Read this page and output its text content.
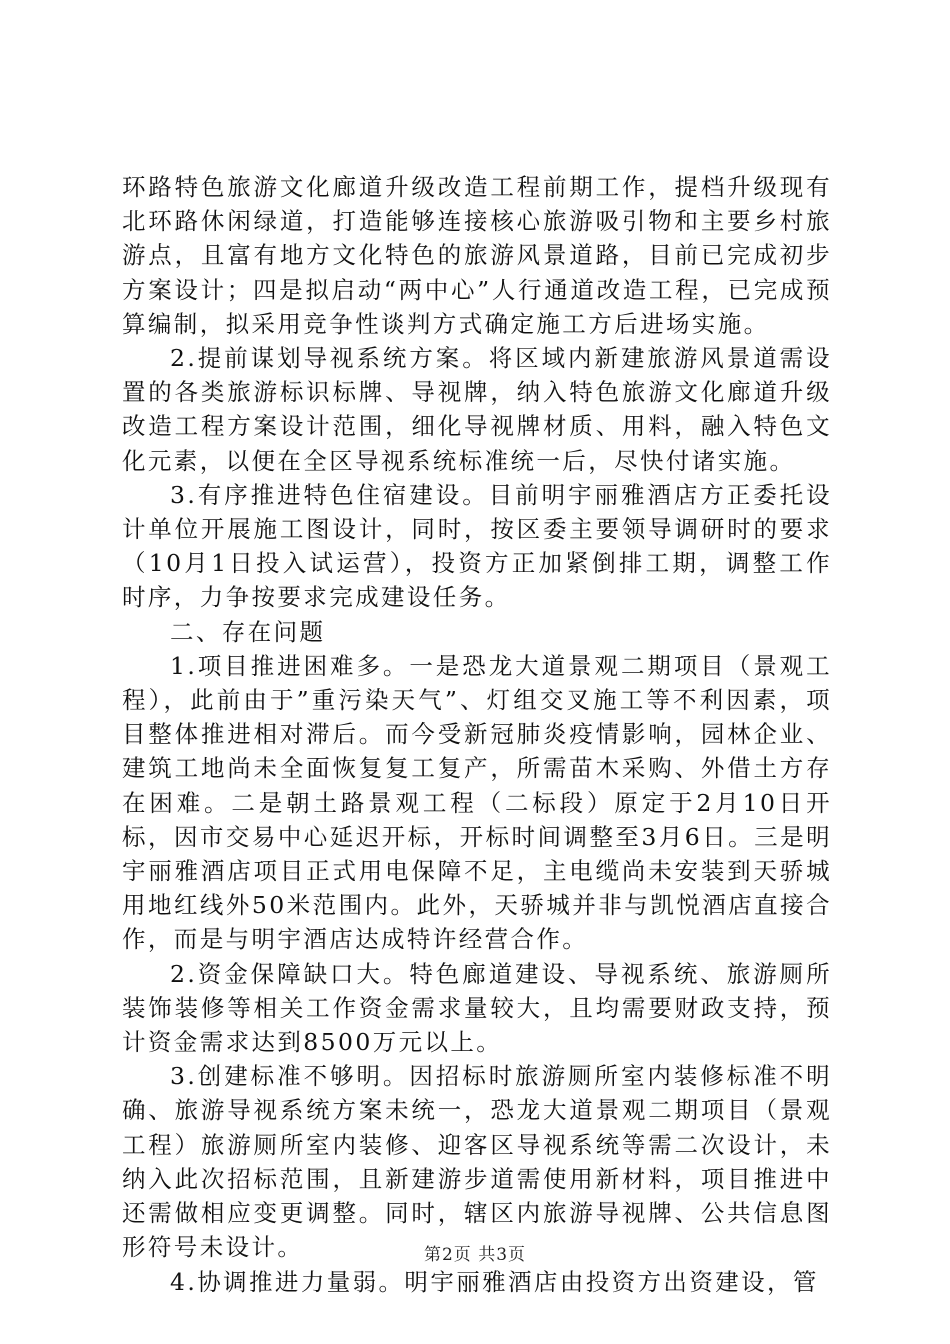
环路特色旅游文化廊道升级改造工程前期工作，提档升级现有北环路休闲绿道，打造能够连接核心旅游吸引物和主要乡村旅游点，且富有地方文化特色的旅游风景道路，目前已完成初步方案设计；四是拟启动“两中心”人行通道改造工程，已完成预算编制，拟采用竞争性谈判方式确定施工方后进场实施。

2.提前谋划导视系统方案。将区域内新建旅游风景道需设置的各类旅游标识标牌、导视牌，纳入特色旅游文化廊道升级改造工程方案设计范围，细化导视牌材质、用料，融入特色文化元素，以便在全区导视系统标准统一后，尽快付诸实施。

3.有序推进特色住宿建设。目前明宇丽雅酒店方正委托设计单位开展施工图设计，同时，按区委主要领导调研时的要求（10月1日投入试运营），投资方正加紧倒排工期，调整工作时序，力争按要求完成建设任务。

二、存在问题

1.项目推进困难多。一是恐龙大道景观二期项目（景观工程），此前由于”重污染天气”、灯组交叉施工等不利因素，项目整体推进相对滞后。而今受新冠肺炎疫情影响，园林企业、建筑工地尚未全面恢复复工复产，所需苗木采购、外借土方存在困难。二是朝土路景观工程（二标段）原定于2月10日开标，因市交易中心延迟开标，开标时间调整至3月6日。三是明宇丽雅酒店项目正式用电保障不足，主电缆尚未安装到天骄城用地红线外50米范围内。此外，天骄城并非与凯悦酒店直接合作，而是与明宇酒店达成特许经营合作。

2.资金保障缺口大。特色廊道建设、导视系统、旅游厕所装饰装修等相关工作资金需求量较大，且均需要财政支持，预计资金需求达到8500万元以上。

3.创建标准不够明。因招标时旅游厕所室内装修标准不明确、旅游导视系统方案未统一，恐龙大道景观二期项目（景观工程）旅游厕所室内装修、迎客区导视系统等需二次设计，未纳入此次招标范围，且新建游步道需使用新材料，项目推进中还需做相应变更调整。同时，辖区内旅游导视牌、公共信息图形符号未设计。

4.协调推进力量弱。明宇丽雅酒店由投资方出资建设，管

第2页 共3页
